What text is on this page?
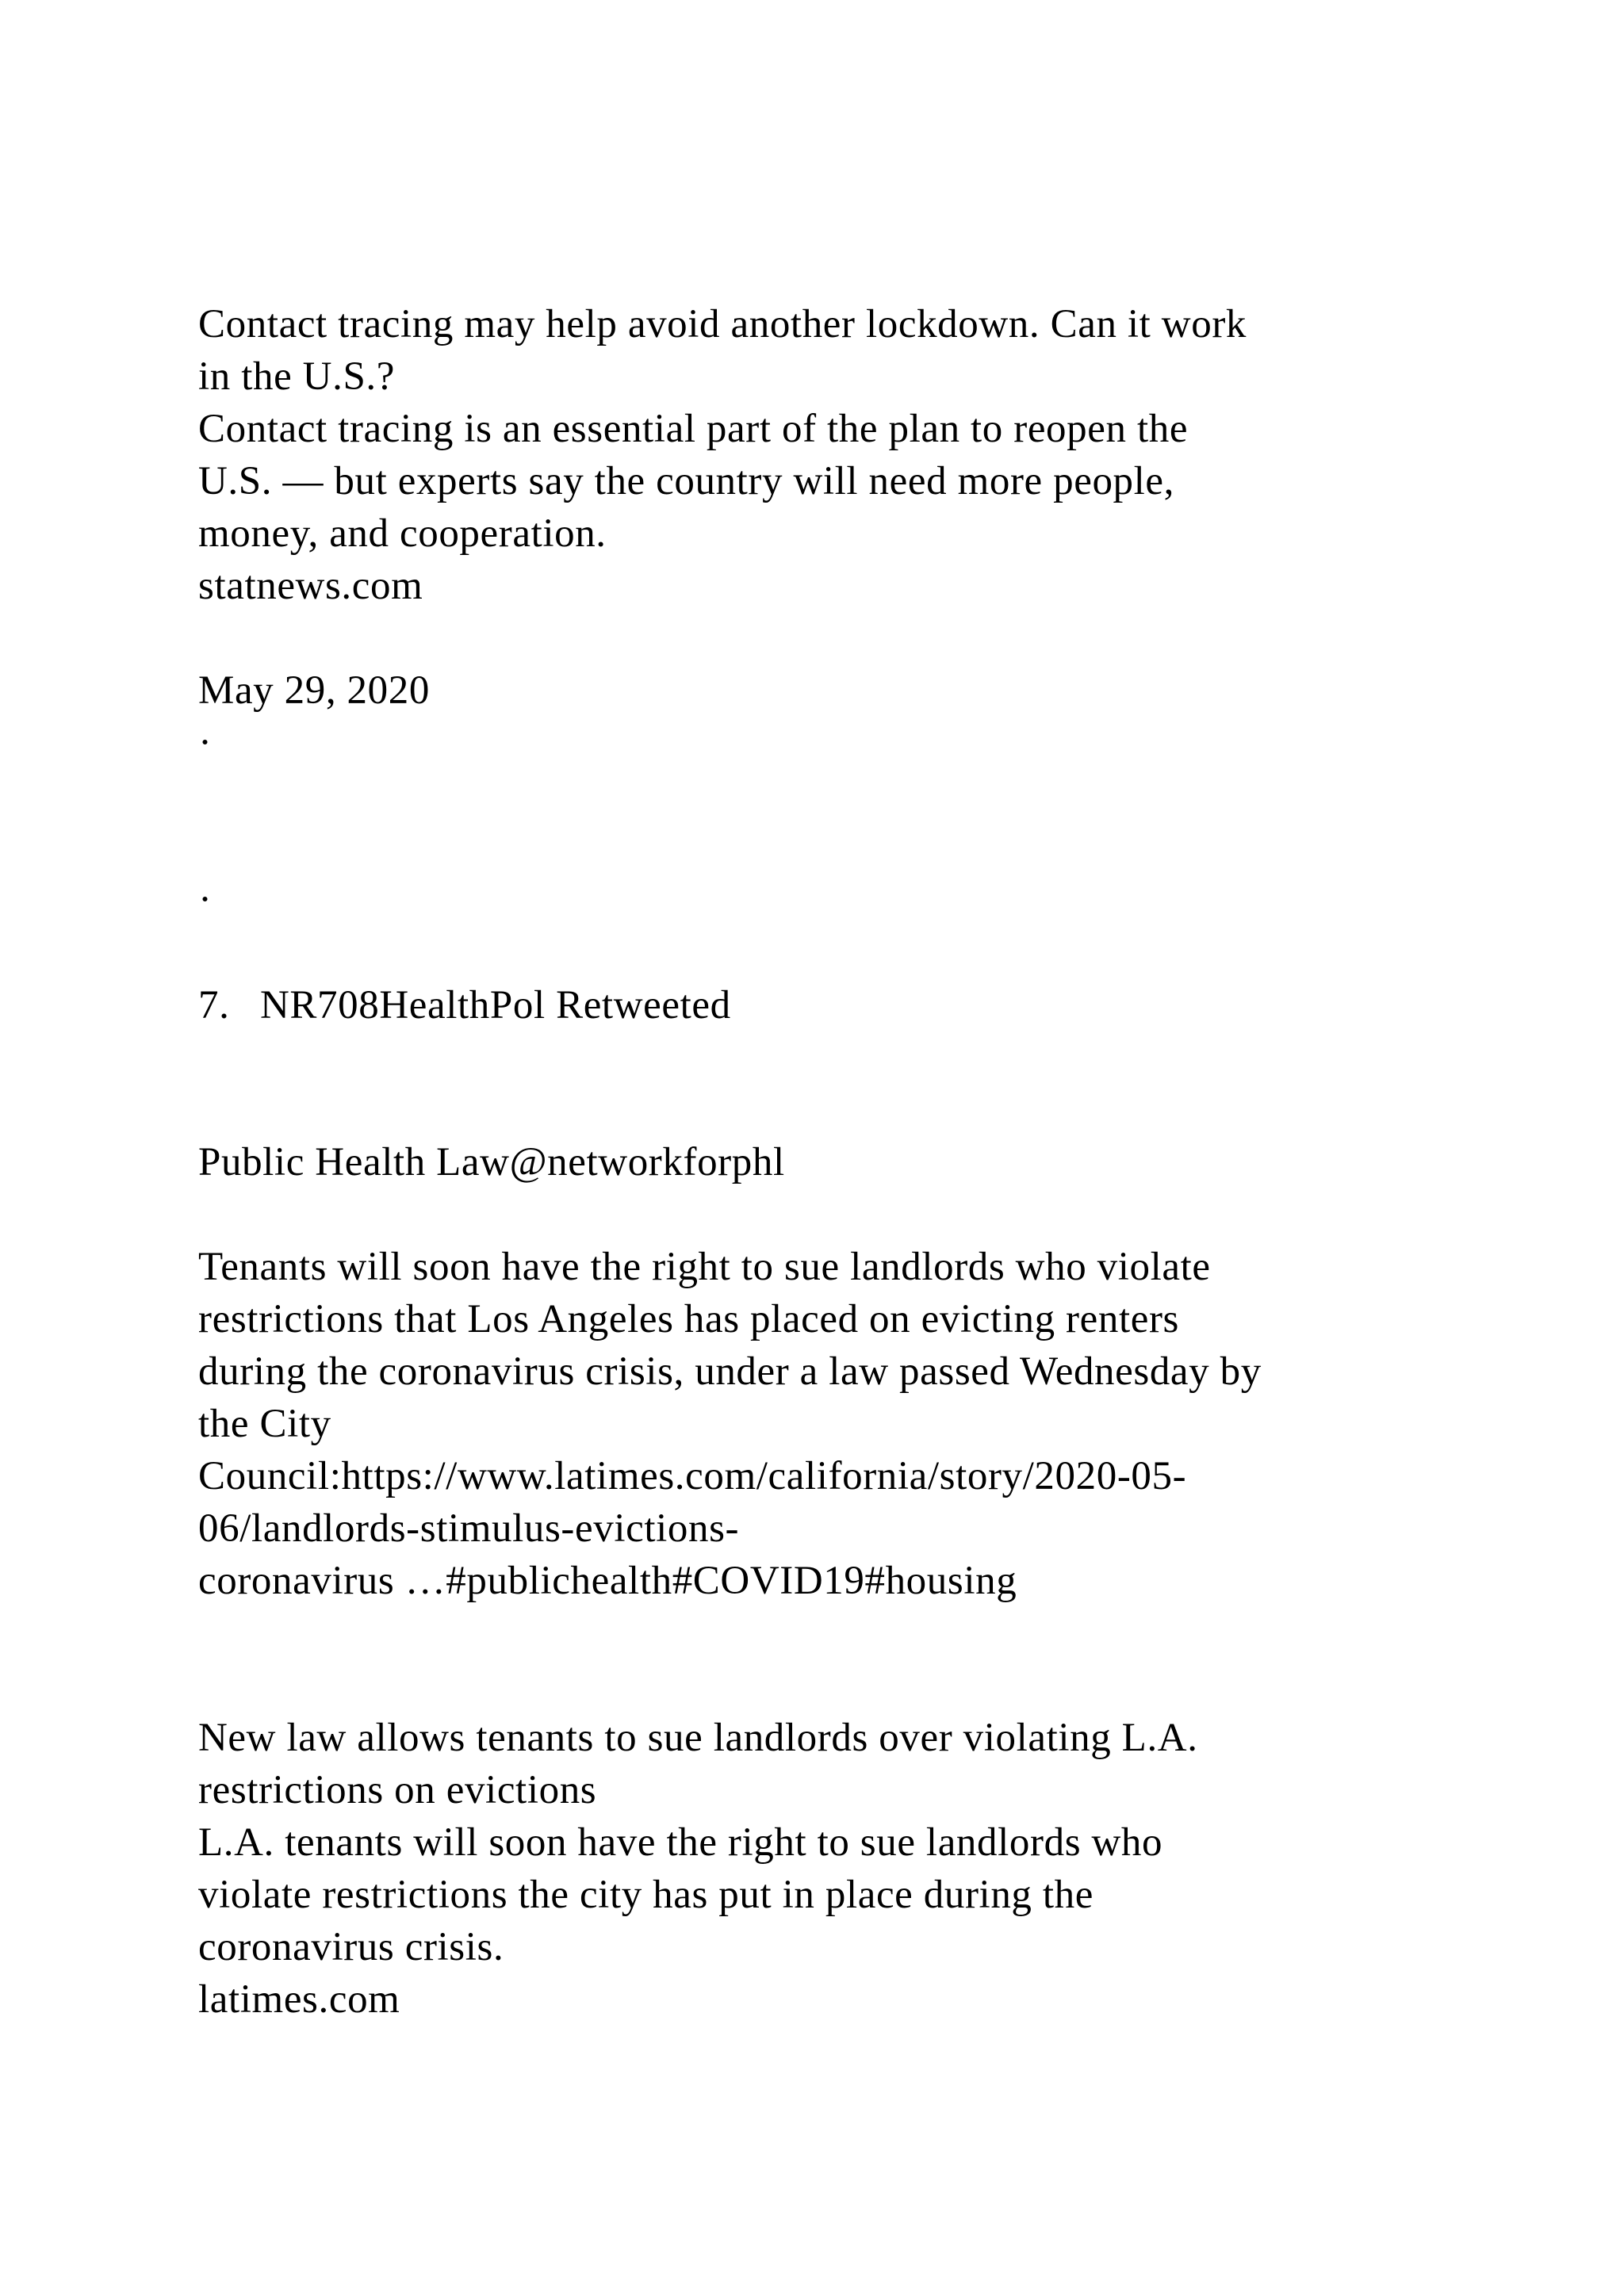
Contact tracing may help avoid another lockdown. Can it work

in the U.S.?

Contact tracing is an essential part of the plan to reopen the

U.S. — but experts say the country will need more people,

money, and cooperation.

statnews.com

May 29, 2020

·

·

7. NR708HealthPol Retweeted

Public Health Law@networkforphl

Tenants will soon have the right to sue landlords who violate

restrictions that Los Angeles has placed on evicting renters

during the coronavirus crisis, under a law passed Wednesday by

the City

Council:https://www.latimes.com/california/story/2020-05-

06/landlords-stimulus-evictions-

coronavirus …#publichealth#COVID19#housing

New law allows tenants to sue landlords over violating L.A.

restrictions on evictions

L.A. tenants will soon have the right to sue landlords who

violate restrictions the city has put in place during the

coronavirus crisis.

latimes.com
